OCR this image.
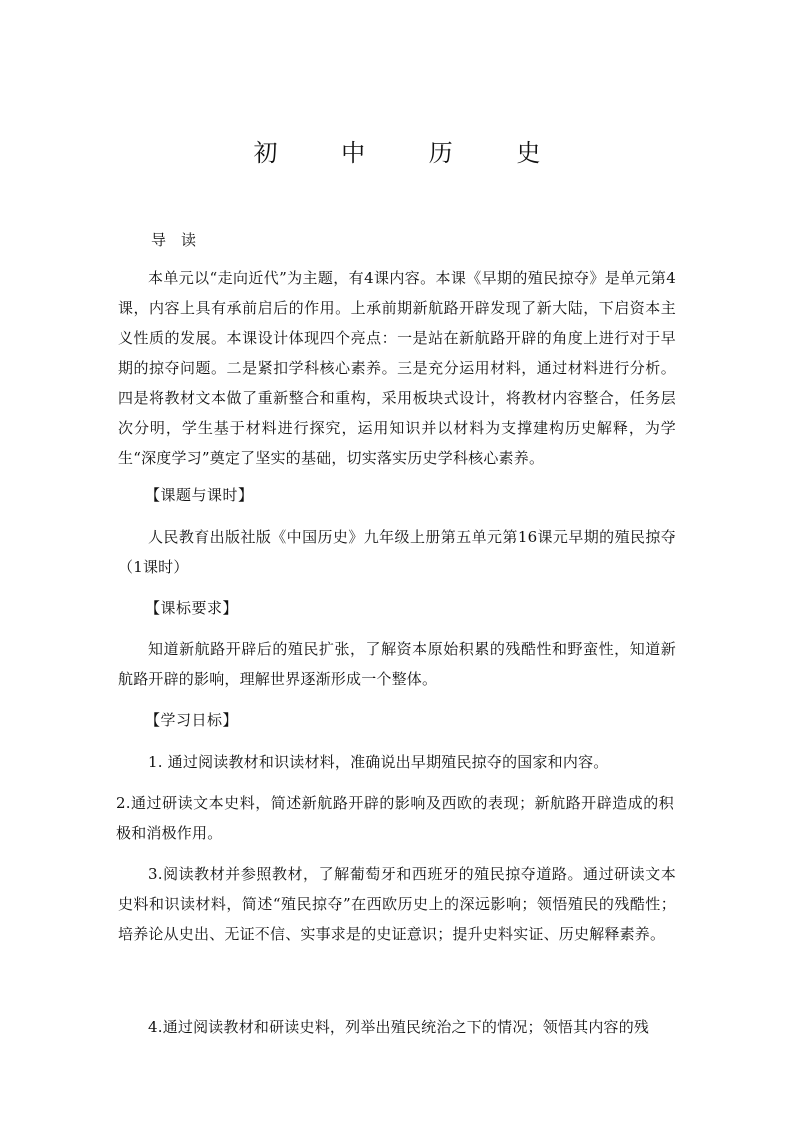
初 中 历 史
导读
本单元以“走向近代”为主题，有4课内容。本课《早期的殖民掠夺》是单元第4课，内容上具有承前启后的作用。上承前期新航路开辟发现了新大陆，下启资本主义性质的发展。本课设计体现四个亮点：一是站在新航路开辟的角度上进行对于早期的掠夺问题。二是紧扣学科核心素养。三是充分运用材料，通过材料进行分析。四是将教材文本做了重新整合和重构，采用板块式设计，将教材内容整合，任务层次分明，学生基于材料进行探究，运用知识并以材料为支撑建构历史解释，为学生“深度学习”奠定了坚实的基础，切实落实历史学科核心素养。
【课题与课时】
人民教育出版社版《中国历史》九年级上册第五单元第16课元早期的殖民掠夺（1课时）
【课标要求】
知道新航路开辟后的殖民扩张，了解资本原始积累的残酷性和野蛮性，知道新航路开辟的影响，理解世界逐渐形成一个整体。
【学习日标】
1. 通过阅读教材和识读材料，准确说出早期殖民掠夺的国家和内容。
2.通过研读文本史料，简述新航路开辟的影响及西欧的表现；新航路开辟造成的积极和消极作用。
3.阅读教材并参照教材，了解葡萄牙和西班牙的殖民掠夺道路。通过研读文本史料和识读材料，简述“殖民掠夺”在西欧历史上的深远影响；领悟殖民的残酷性；培养论从史出、无证不信、实事求是的史证意识；提升史料实证、历史解释素养。
4.通过阅读教材和研读史料，列举出殖民统治之下的情况；领悟其内容的残
